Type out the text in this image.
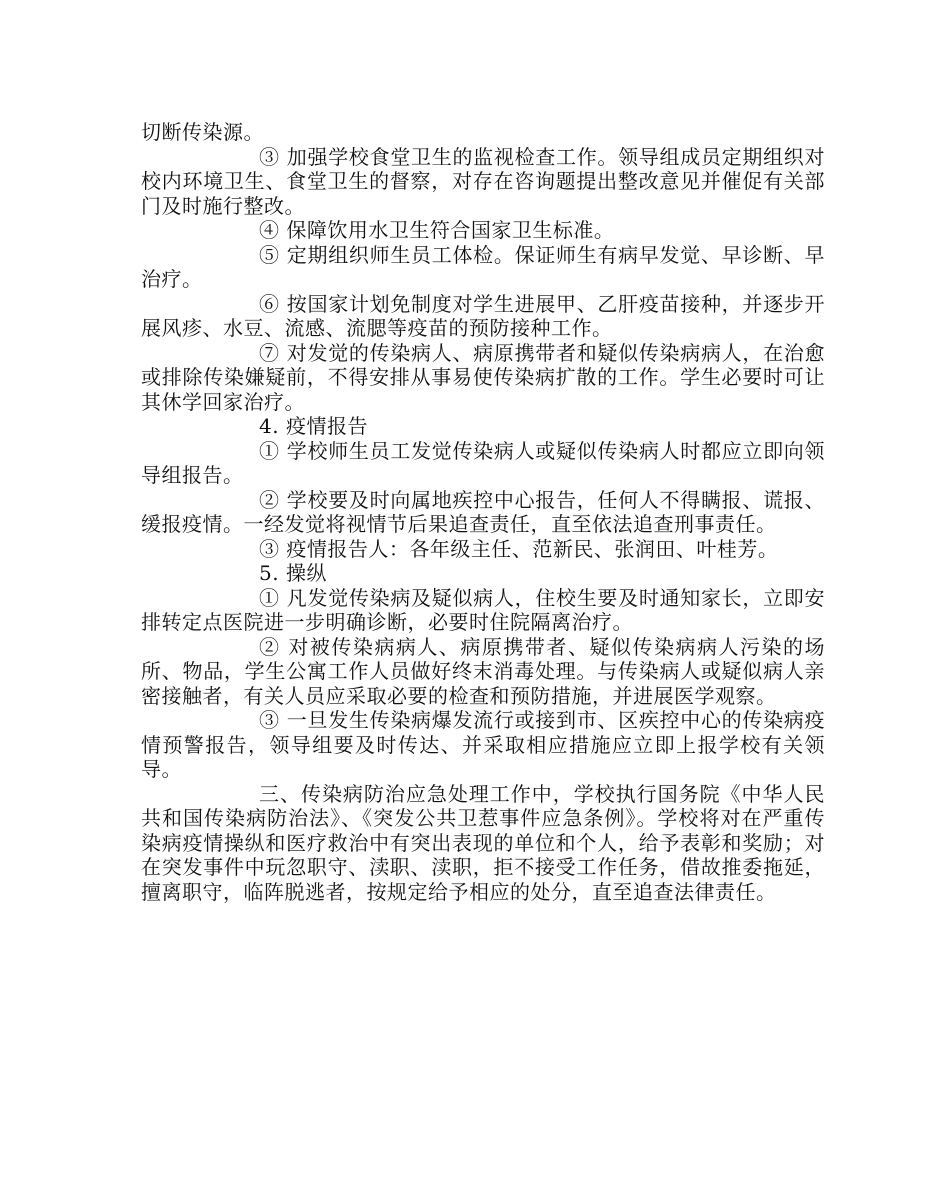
切断传染源。

③ 加强学校食堂卫生的监视检查工作。领导组成员定期组织对校内环境卫生、食堂卫生的督察，对存在咨询题提出整改意见并催促有关部门及时施行整改。

④ 保障饮用水卫生符合国家卫生标准。

⑤ 定期组织师生员工体检。保证师生有病早发觉、早诊断、早治疗。

⑥ 按国家计划免制度对学生进展甲、乙肝疫苗接种，并逐步开展风疹、水豆、流感、流腮等疫苗的预防接种工作。

⑦ 对发觉的传染病人、病原携带者和疑似传染病病人，在治愈或排除传染嫌疑前，不得安排从事易使传染病扩散的工作。学生必要时可让其休学回家治疗。

4. 疫情报告

① 学校师生员工发觉传染病人或疑似传染病人时都应立即向领导组报告。

② 学校要及时向属地疾控中心报告，任何人不得瞒报、谎报、缓报疫情。一经发觉将视情节后果追查责任，直至依法追查刑事责任。

③ 疫情报告人：各年级主任、范新民、张润田、叶桂芳。

5. 操纵

① 凡发觉传染病及疑似病人，住校生要及时通知家长，立即安排转定点医院进一步明确诊断，必要时住院隔离治疗。

② 对被传染病病人、病原携带者、疑似传染病病人污染的场所、物品，学生公寓工作人员做好终末消毒处理。与传染病人或疑似病人亲密接触者，有关人员应采取必要的检查和预防措施，并进展医学观察。

③ 一旦发生传染病爆发流行或接到市、区疾控中心的传染病疫情预警报告，领导组要及时传达、并采取相应措施应立即上报学校有关领导。

三、传染病防治应急处理工作中，学校执行国务院《中华人民共和国传染病防治法》、《突发公共卫惹事件应急条例》。学校将对在严重传染病疫情操纵和医疗救治中有突出表现的单位和个人，给予表彰和奖励；对在突发事件中玩忽职守、渎职、渎职，拒不接受工作任务，借故推委拖延，擅离职守，临阵脱逃者，按规定给予相应的处分，直至追查法律责任。
